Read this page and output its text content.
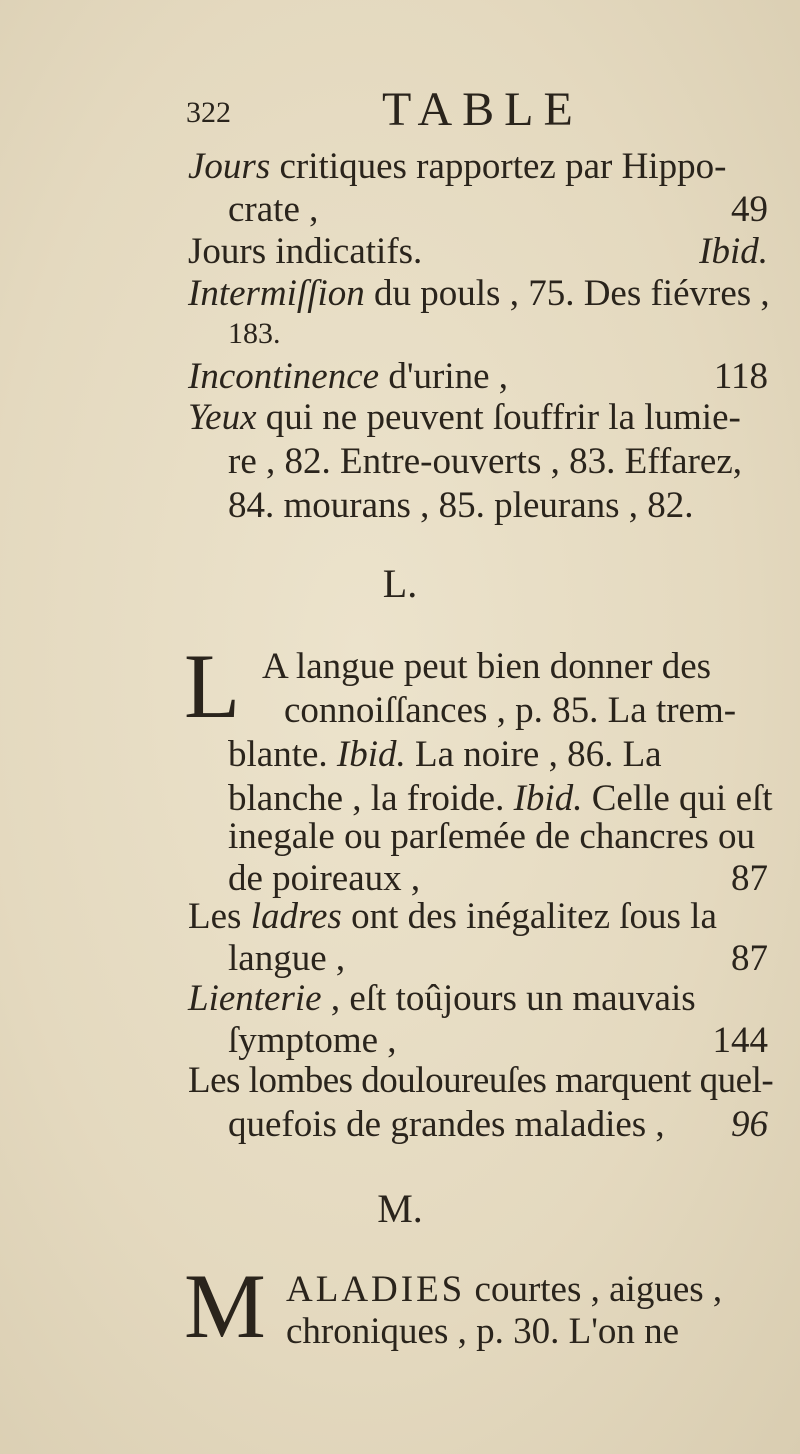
322	TABLE
Jours critiques rapportez par Hippo-
crate ,	49
Jours indicatifs.	Ibid.
Intermiſſion du pouls , 75. Des fiévres ,
183.
Incontinence d'urine ,	118
Yeux qui ne peuvent ſouffrir la lumie-
re , 82. Entre-ouverts , 83. Effarez,
84. mourans , 85. pleurans , 82.
L.
L A langue peut bien donner des
connoiſſances , p. 85. La trem-
blante. Ibid. La noire , 86. La
blanche , la froide. Ibid. Celle qui eſt
inegale ou parſemée de chancres ou
de poireaux ,	87
Les ladres ont des inégalitez ſous la
langue ,	87
Lienterie , eſt toûjours un mauvais
ſymptome ,	144
Les lombes douloureuſes marquent quel-
quefois de grandes maladies , 96
M.
M ALADIES courtes , aigues ,
chroniques , p. 30. L'on ne
